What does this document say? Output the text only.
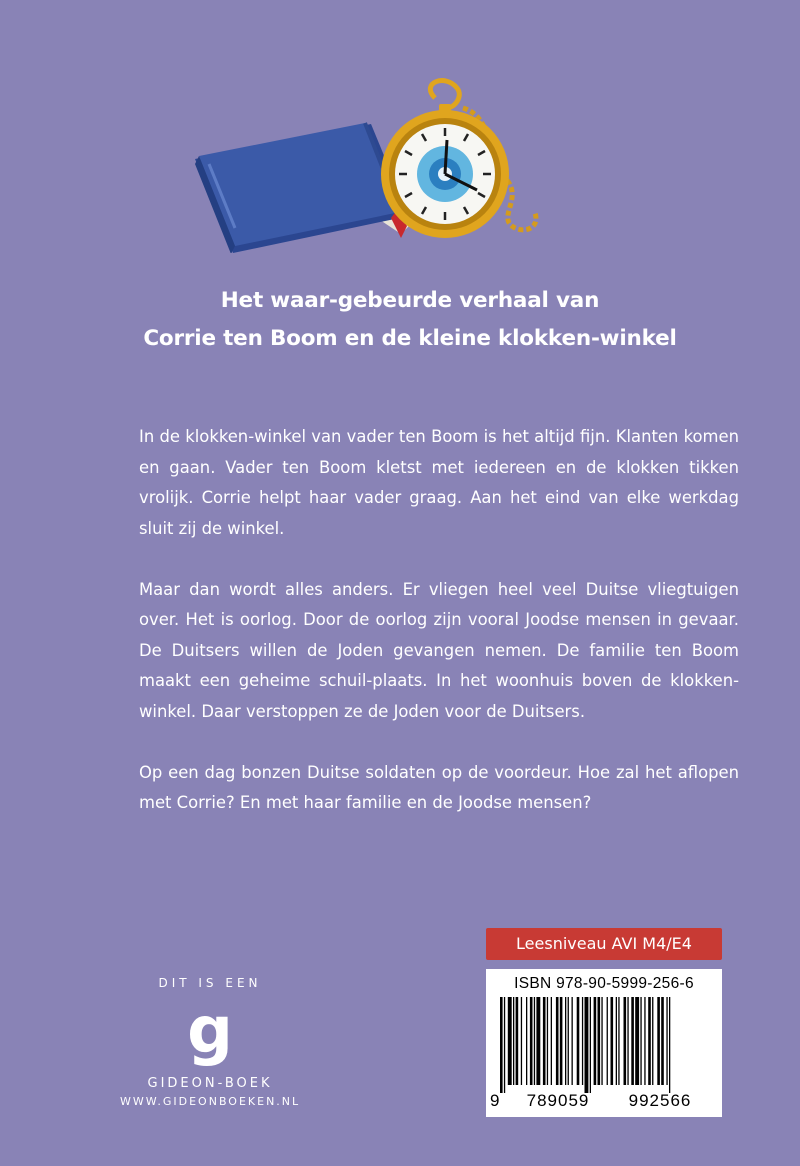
Het waar-gebeurde verhaal van
Corrie ten Boom en de kleine klokken-winkel

In de klokken-winkel van vader ten Boom is het altijd fijn. Klanten komen en gaan. Vader ten Boom kletst met iedereen en de klokken tikken vrolijk. Corrie helpt haar vader graag. Aan het eind van elke werkdag sluit zij de winkel.

Maar dan wordt alles anders. Er vliegen heel veel Duitse vliegtuigen over. Het is oorlog. Door de oorlog zijn vooral Joodse mensen in gevaar. De Duitsers willen de Joden gevangen nemen. De familie ten Boom maakt een geheime schuil-plaats. In het woonhuis boven de klokken-winkel. Daar verstoppen ze de Joden voor de Duitsers.

Op een dag bonzen Duitse soldaten op de voordeur. Hoe zal het aflopen met Corrie? En met haar familie en de Joodse mensen?

Leesniveau AVI M4/E4
ISBN 978-90-5999-256-6
9	789059	992566
DIT IS EEN
g
GIDEON-BOEK
WWW.GIDEONBOEKEN.NL
